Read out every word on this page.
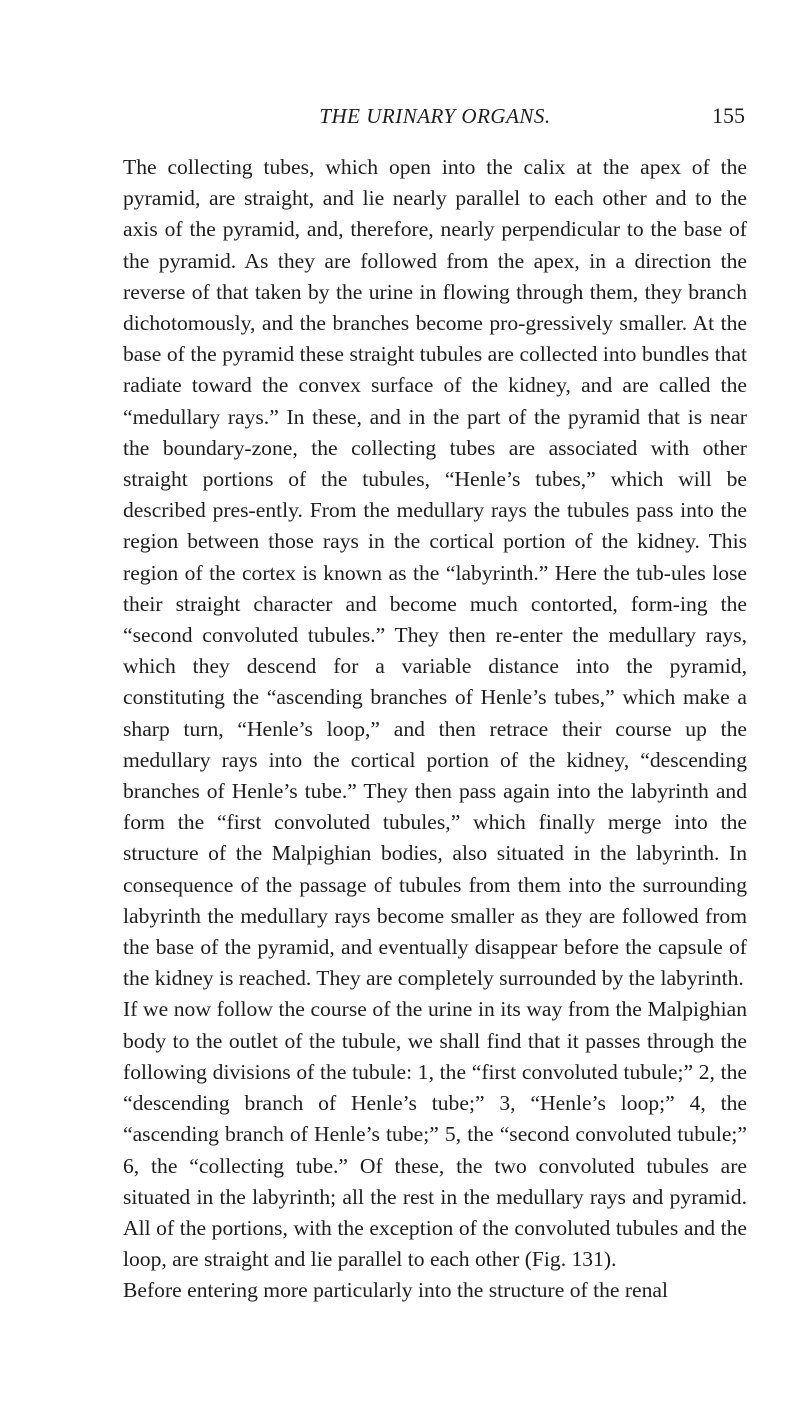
THE URINARY ORGANS.	155

The collecting tubes, which open into the calix at the apex of the pyramid, are straight, and lie nearly parallel to each other and to the axis of the pyramid, and, therefore, nearly perpendicular to the base of the pyramid. As they are followed from the apex, in a direction the reverse of that taken by the urine in flowing through them, they branch dichotomously, and the branches become pro-gressively smaller. At the base of the pyramid these straight tubules are collected into bundles that radiate toward the convex surface of the kidney, and are called the “medullary rays.” In these, and in the part of the pyramid that is near the boundary-zone, the collecting tubes are associated with other straight portions of the tubules, “Henle’s tubes,” which will be described pres-ently. From the medullary rays the tubules pass into the region between those rays in the cortical portion of the kidney. This region of the cortex is known as the “labyrinth.” Here the tub-ules lose their straight character and become much contorted, form-ing the “second convoluted tubules.” They then re-enter the medullary rays, which they descend for a variable distance into the pyramid, constituting the “ascending branches of Henle’s tubes,” which make a sharp turn, “Henle’s loop,” and then retrace their course up the medullary rays into the cortical portion of the kidney, “descending branches of Henle’s tube.” They then pass again into the labyrinth and form the “first convoluted tubules,” which finally merge into the structure of the Malpighian bodies, also situated in the labyrinth. In consequence of the passage of tubules from them into the surrounding labyrinth the medullary rays become smaller as they are followed from the base of the pyramid, and eventually disappear before the capsule of the kidney is reached. They are completely surrounded by the labyrinth.

If we now follow the course of the urine in its way from the Malpighian body to the outlet of the tubule, we shall find that it passes through the following divisions of the tubule: 1, the “first convoluted tubule;” 2, the “descending branch of Henle’s tube;” 3, “Henle’s loop;” 4, the “ascending branch of Henle’s tube;” 5, the “second convoluted tubule;” 6, the “collecting tube.” Of these, the two convoluted tubules are situated in the labyrinth; all the rest in the medullary rays and pyramid. All of the portions, with the exception of the convoluted tubules and the loop, are straight and lie parallel to each other (Fig. 131).

Before entering more particularly into the structure of the renal
